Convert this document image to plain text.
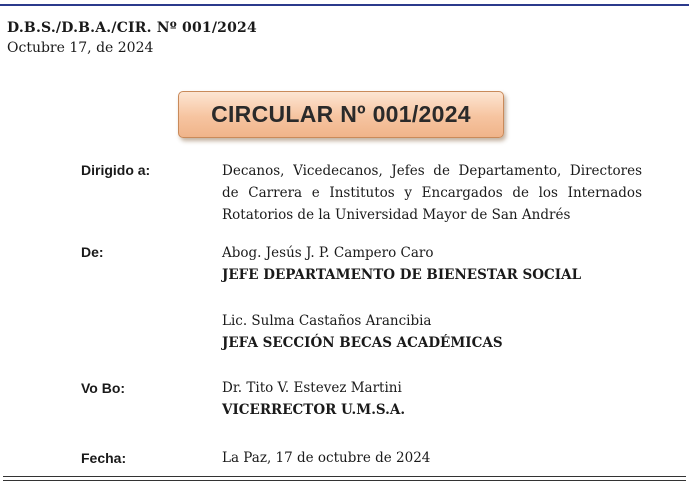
D.B.S./D.B.A./CIR. Nº 001/2024
Octubre 17, de 2024
CIRCULAR Nº 001/2024
Dirigido a:	Decanos, Vicedecanos, Jefes de Departamento, Directores
de Carrera e Institutos y Encargados de los Internados
Rotatorios de la Universidad Mayor de San Andrés
De:	Abog. Jesús J. P. Campero Caro
JEFE DEPARTAMENTO DE BIENESTAR SOCIAL
Lic. Sulma Castaños Arancibia
JEFA SECCIÓN BECAS ACADÉMICAS
Vo Bo:	Dr. Tito V. Estevez Martini
VICERRECTOR U.M.S.A.
Fecha:	La Paz, 17 de octubre de 2024
